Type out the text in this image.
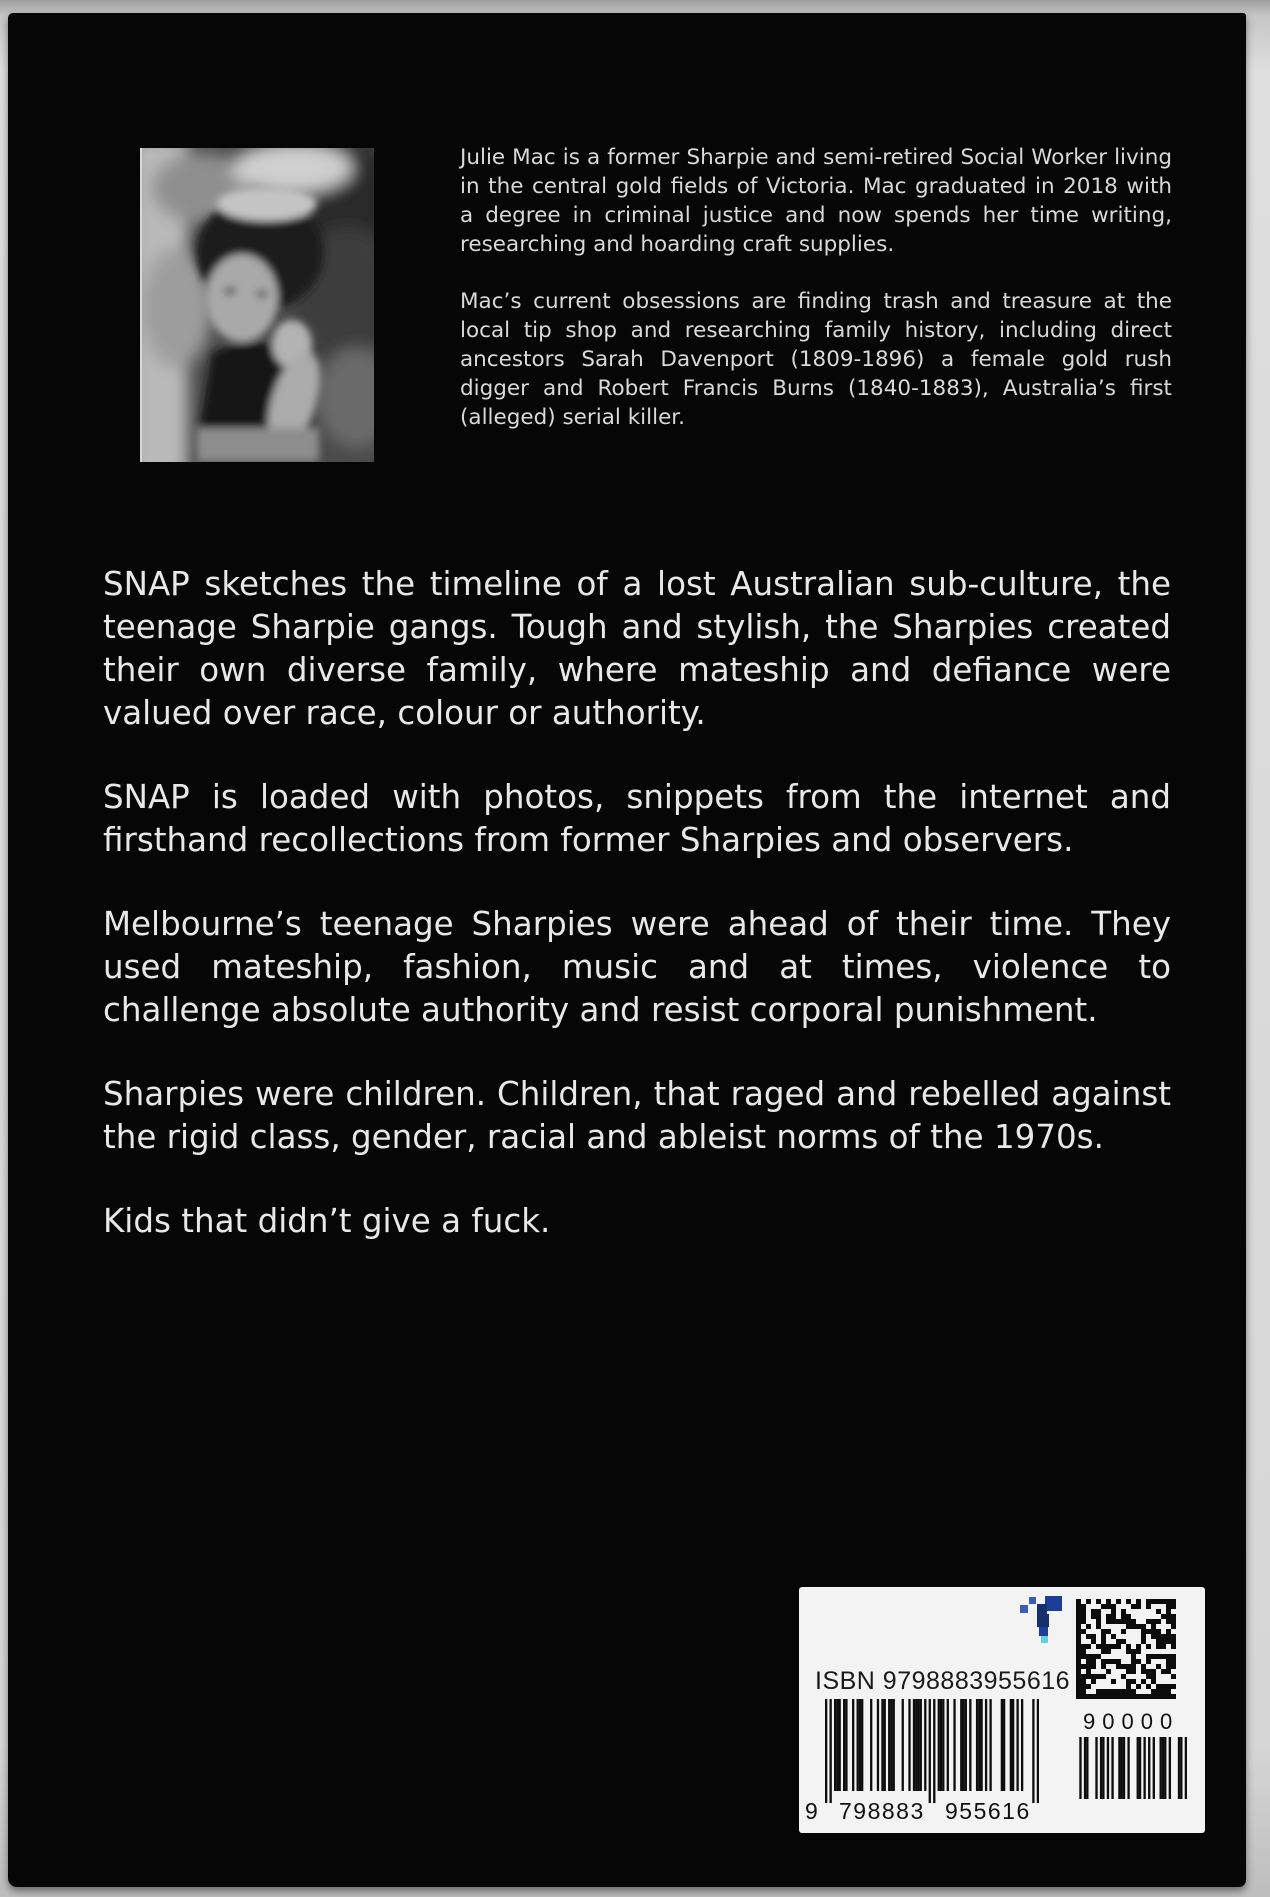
Julie Mac is a former Sharpie and semi-retired Social Worker living in the central gold fields of Victoria. Mac graduated in 2018 with a degree in criminal justice and now spends her time writing, researching and hoarding craft supplies.

Mac’s current obsessions are finding trash and treasure at the local tip shop and researching family history, including direct ancestors Sarah Davenport (1809-1896) a female gold rush digger and Robert Francis Burns (1840-1883), Australia’s first (alleged) serial killer.

SNAP sketches the timeline of a lost Australian sub-culture, the teenage Sharpie gangs. Tough and stylish, the Sharpies created their own diverse family, where mateship and defiance were valued over race, colour or authority.

SNAP is loaded with photos, snippets from the internet and firsthand recollections from former Sharpies and observers.

Melbourne’s teenage Sharpies were ahead of their time. They used mateship, fashion, music and at times, violence to challenge absolute authority and resist corporal punishment.

Sharpies were children. Children, that raged and rebelled against the rigid class, gender, racial and ableist norms of the 1970s.

Kids that didn’t give a fuck.

ISBN 9798883955616
9 798883 955616
90000
